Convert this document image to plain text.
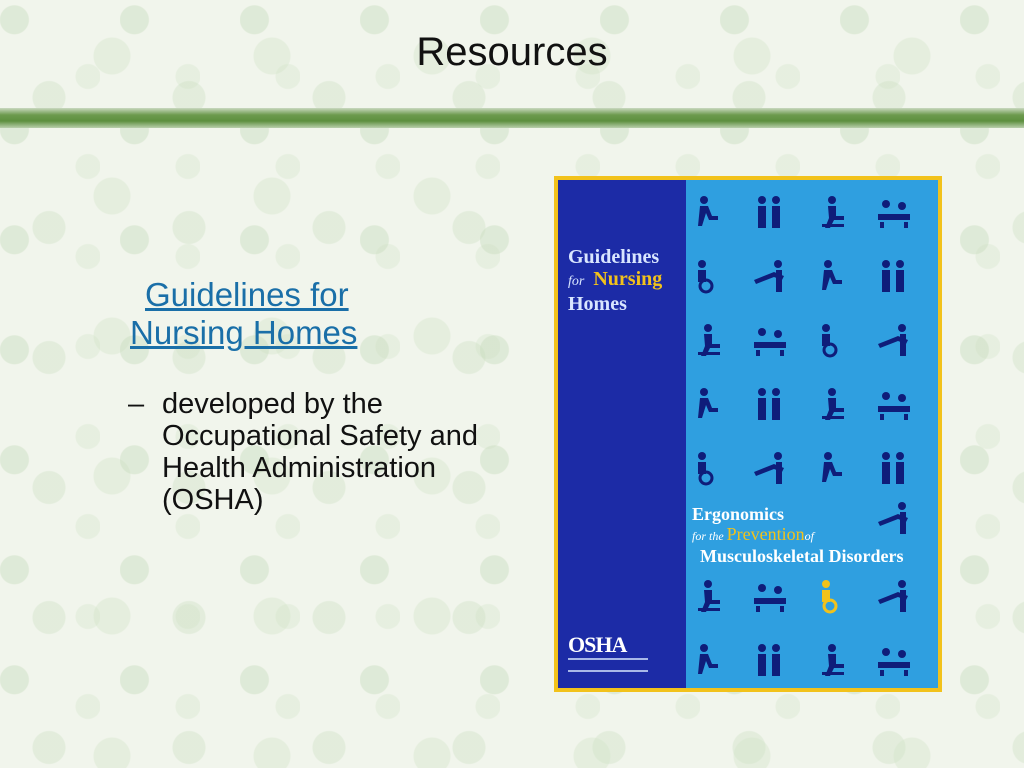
Resources
Guidelines for
Nursing Homes
– developed by the Occupational Safety and Health Administration (OSHA)
Guidelines
for Nursing
Homes
OSHA
Ergonomics
for the Preventionof
Musculoskeletal Disorders
